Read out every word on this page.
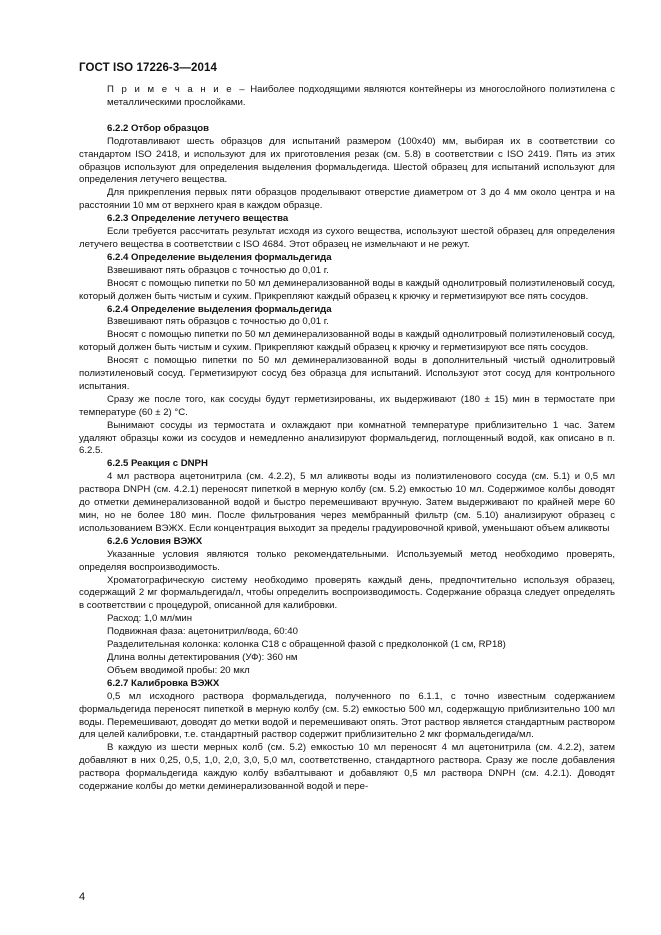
ГОСТ ISO 17226-3—2014

П р и м е ч а н и е – Наиболее подходящими являются контейнеры из многослойного полиэтилена с металлическими прослойками.

6.2.2 Отбор образцов

Подготавливают шесть образцов для испытаний размером (100х40) мм, выбирая их в соответствии со стандартом ISO 2418, и используют для их приготовления резак (см. 5.8) в соответствии с ISO 2419. Пять из этих образцов используют для определения выделения формальдегида. Шестой образец для испытаний используют для определения летучего вещества.

Для прикрепления первых пяти образцов проделывают отверстие диаметром от 3 до 4 мм около центра и на расстоянии 10 мм от верхнего края в каждом образце.

6.2.3 Определение летучего вещества

Если требуется рассчитать результат исходя из сухого вещества, используют шестой образец для определения летучего вещества в соответствии с ISO 4684. Этот образец не измельчают и не режут.

6.2.4 Определение выделения формальдегида

Взвешивают пять образцов с точностью до 0,01 г.

Вносят с помощью пипетки по 50 мл деминерализованной воды в каждый однолитровый полиэтиленовый сосуд, который должен быть чистым и сухим. Прикрепляют каждый образец к крючку и герметизируют все пять сосудов.

6.2.4 Определение выделения формальдегида

Взвешивают пять образцов с точностью до 0,01 г.

Вносят с помощью пипетки по 50 мл деминерализованной воды в каждый однолитровый полиэтиленовый сосуд, который должен быть чистым и сухим. Прикрепляют каждый образец к крючку и герметизируют все пять сосудов.

Вносят с помощью пипетки по 50 мл деминерализованной воды в дополнительный чистый однолитровый полиэтиленовый сосуд. Герметизируют сосуд без образца для испытаний. Используют этот сосуд для контрольного испытания.

Сразу же после того, как сосуды будут герметизированы, их выдерживают (180 ± 15) мин в термостате при температуре (60 ± 2) °С.

Вынимают сосуды из термостата и охлаждают при комнатной температуре приблизительно 1 час. Затем удаляют образцы кожи из сосудов и немедленно анализируют формальдегид, поглощенный водой, как описано в п. 6.2.5.

6.2.5 Реакция с DNPH

4 мл раствора ацетонитрила (см. 4.2.2), 5 мл аликвоты воды из полиэтиленового сосуда (см. 5.1) и 0,5 мл раствора DNPH (см. 4.2.1) переносят пипеткой в мерную колбу (см. 5.2) емкостью 10 мл. Содержимое колбы доводят до отметки деминерализованной водой и быстро перемешивают вручную. Затем выдерживают по крайней мере 60 мин, но не более 180 мин. После фильтрования через мембранный фильтр (см. 5.10) анализируют образец с использованием ВЭЖХ. Если концентрация выходит за пределы градуировочной кривой, уменьшают объем аликвоты

6.2.6 Условия ВЭЖХ

Указанные условия являются только рекомендательными. Используемый метод необходимо проверять, определяя воспроизводимость.

Хроматографическую систему необходимо проверять каждый день, предпочтительно используя образец, содержащий 2 мг формальдегида/л, чтобы определить воспроизводимость. Содержание образца следует определять в соответствии с процедурой, описанной для калибровки.

Расход: 1,0 мл/мин

Подвижная фаза: ацетонитрил/вода, 60:40

Разделительная колонка: колонка С18 с обращенной фазой с предколонкой (1 см, RP18)

Длина волны детектирования (УФ): 360 нм

Объем вводимой пробы: 20 мкл

6.2.7 Калибровка ВЭЖХ

0,5 мл исходного раствора формальдегида, полученного по 6.1.1, с точно известным содержанием формальдегида переносят пипеткой в мерную колбу (см. 5.2) емкостью 500 мл, содержащую приблизительно 100 мл воды. Перемешивают, доводят до метки водой и перемешивают опять. Этот раствор является стандартным раствором для целей калибровки, т.е. стандартный раствор содержит приблизительно 2 мкг формальдегида/мл.

В каждую из шести мерных колб (см. 5.2) емкостью 10 мл переносят 4 мл ацетонитрила (см. 4.2.2), затем добавляют в них 0,25, 0,5, 1,0, 2,0, 3,0, 5,0 мл, соответственно, стандартного раствора. Сразу же после добавления раствора формальдегида каждую колбу взбалтывают и добавляют 0,5 мл раствора DNPH (см. 4.2.1). Доводят содержание колбы до метки деминерализованной водой и пере-

4
